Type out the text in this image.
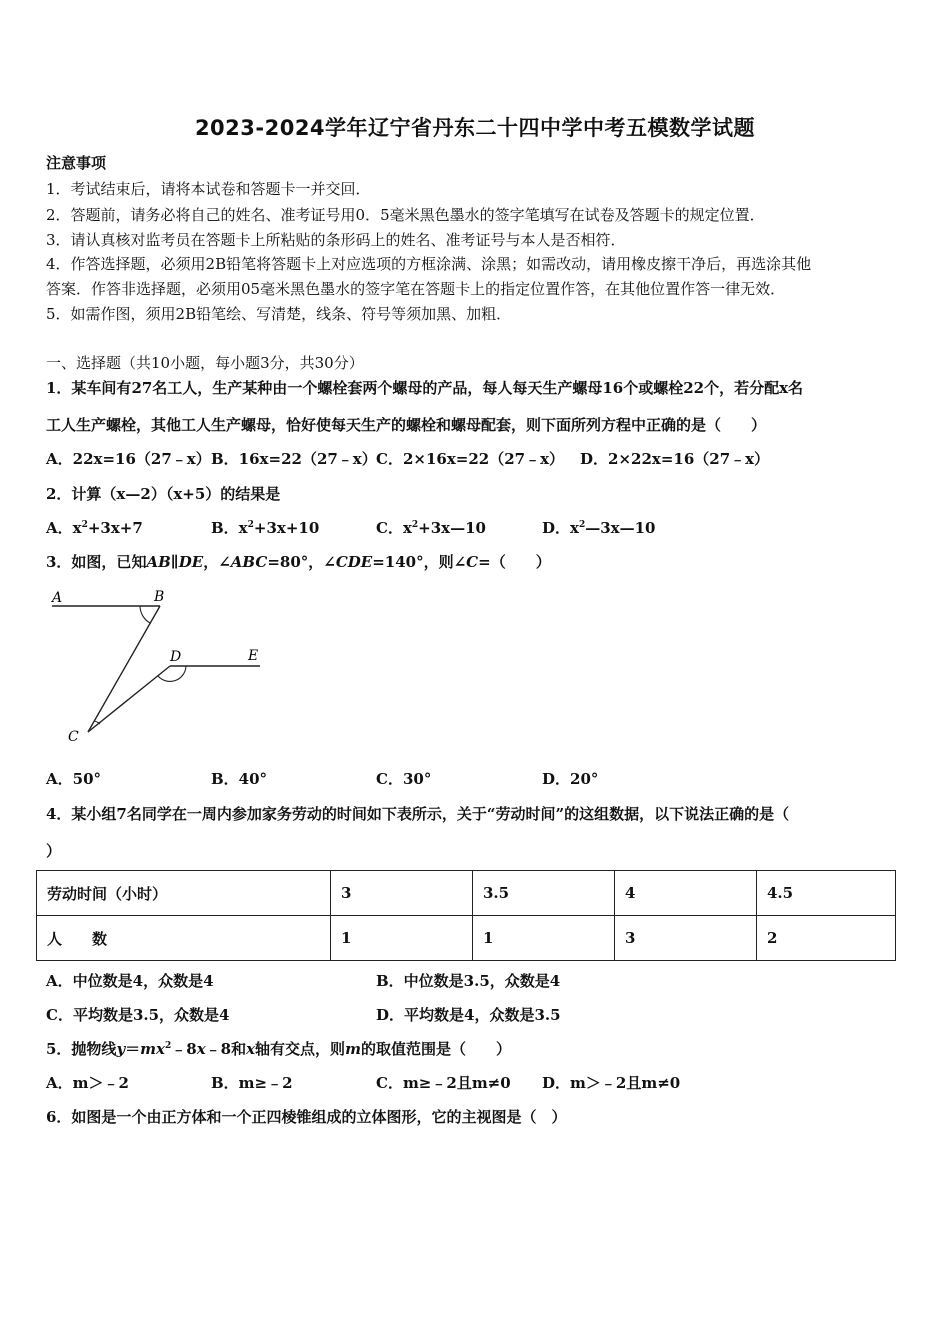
2023-2024学年辽宁省丹东二十四中学中考五模数学试题
注意事项
1．考试结束后，请将本试卷和答题卡一并交回．
2．答题前，请务必将自己的姓名、准考证号用0．5毫米黑色墨水的签字笔填写在试卷及答题卡的规定位置．
3．请认真核对监考员在答题卡上所粘贴的条形码上的姓名、准考证号与本人是否相符．
4．作答选择题，必须用2B铅笔将答题卡上对应选项的方框涂满、涂黑；如需改动，请用橡皮擦干净后，再选涂其他
答案．作答非选择题，必须用05毫米黑色墨水的签字笔在答题卡上的指定位置作答，在其他位置作答一律无效．
5．如需作图，须用2B铅笔绘、写清楚，线条、符号等须加黑、加粗．
一、选择题（共10小题，每小题3分，共30分）
1．某车间有27名工人，生产某种由一个螺栓套两个螺母的产品，每人每天生产螺母16个或螺栓22个，若分配x名
工人生产螺栓，其他工人生产螺母，恰好使每天生产的螺栓和螺母配套，则下面所列方程中正确的是（　　）
A．22x=16（27﹣x） B．16x=22（27﹣x） C．2×16x=22（27﹣x） D．2×22x=16（27﹣x）
2．计算（x—2）（x+5）的结果是
A．$x^2+3x+7$	B．$x^2+3x+10$	C．$x^2+3x—10$	D．$x^2—3x—10$
3．如图，已知AB∥DE，∠ABC=80°，∠CDE=140°，则∠C=（　　）
A	B
D	E
C
A．50°	B．40°	C．30°	D．20°
4．某小组7名同学在一周内参加家务劳动的时间如下表所示，关于“劳动时间”的这组数据，以下说法正确的是（
）
劳动时间（小时）	3	3.5	4	4.5
人　　数	1	1	3	2
A．中位数是4，众数是4	B．中位数是3.5，众数是4
C．平均数是3.5，众数是4	D．平均数是4，众数是3.5
5．抛物线$y=mx^2﹣8x﹣8$和x轴有交点，则m的取值范围是（　　）
A．m＞﹣2	B．m≥﹣2	C．m≥﹣2且m≠0 D．m＞﹣2且m≠0
6．如图是一个由正方体和一个正四棱锥组成的立体图形，它的主视图是（　）
